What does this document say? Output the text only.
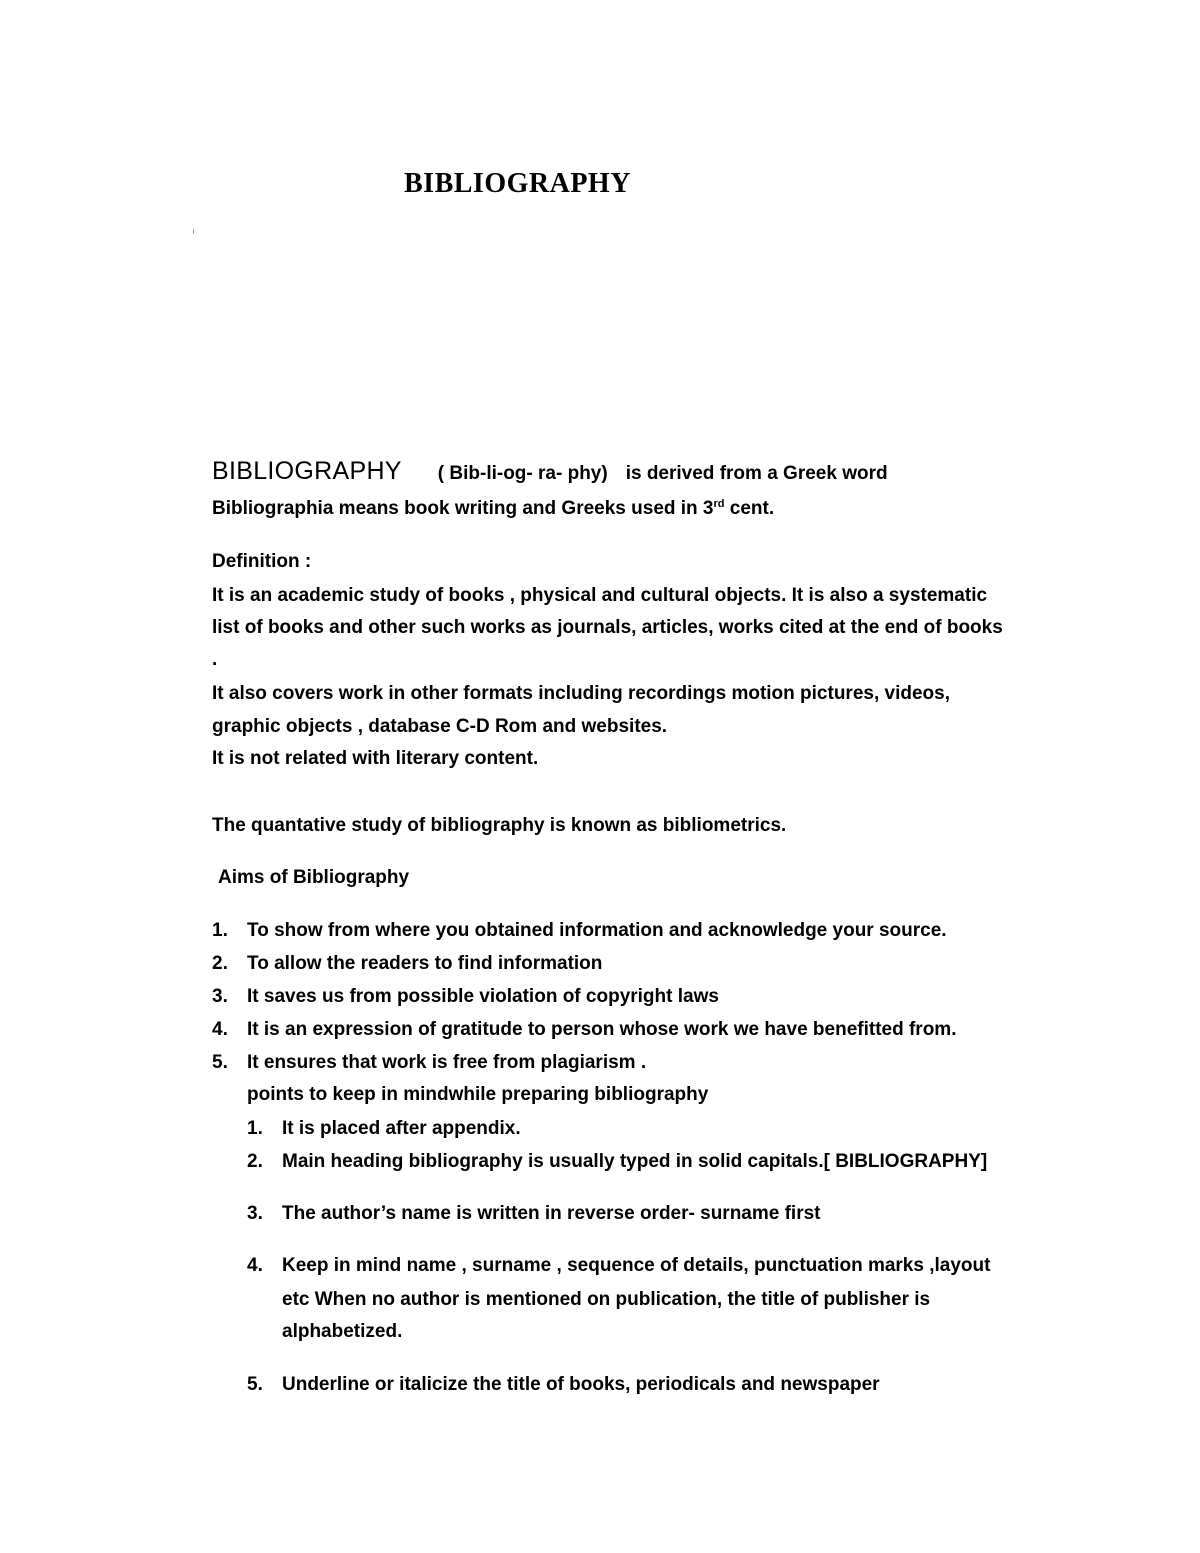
BIBLIOGRAPHY
BIBLIOGRAPHY ( Bib-li-og- ra- phy) is derived from a Greek word
Bibliographia means book writing and Greeks used in 3rd cent.
Definition :
It is an academic study of books , physical and cultural objects. It is also a systematic
list of books and other such works as journals, articles, works cited at the end of books
.
It also covers work in other formats including recordings motion pictures, videos,
graphic objects , database C-D Rom and websites.
It is not related with literary content.
The quantative study of bibliography is known as bibliometrics.
Aims of Bibliography
1. To show from where you obtained information and acknowledge your source.
2. To allow the readers to find information
3. It saves us from possible violation of copyright laws
4. It is an expression of gratitude to person whose work we have benefitted from.
5. It ensures that work is free from plagiarism .
points to keep in mindwhile preparing bibliography
1. It is placed after appendix.
2. Main heading bibliography is usually typed in solid capitals.[ BIBLIOGRAPHY]
3. The author’s name is written in reverse order- surname first
4. Keep in mind name , surname , sequence of details, punctuation marks ,layout
etc When no author is mentioned on publication, the title of publisher is
alphabetized.
5. Underline or italicize the title of books, periodicals and newspaper
